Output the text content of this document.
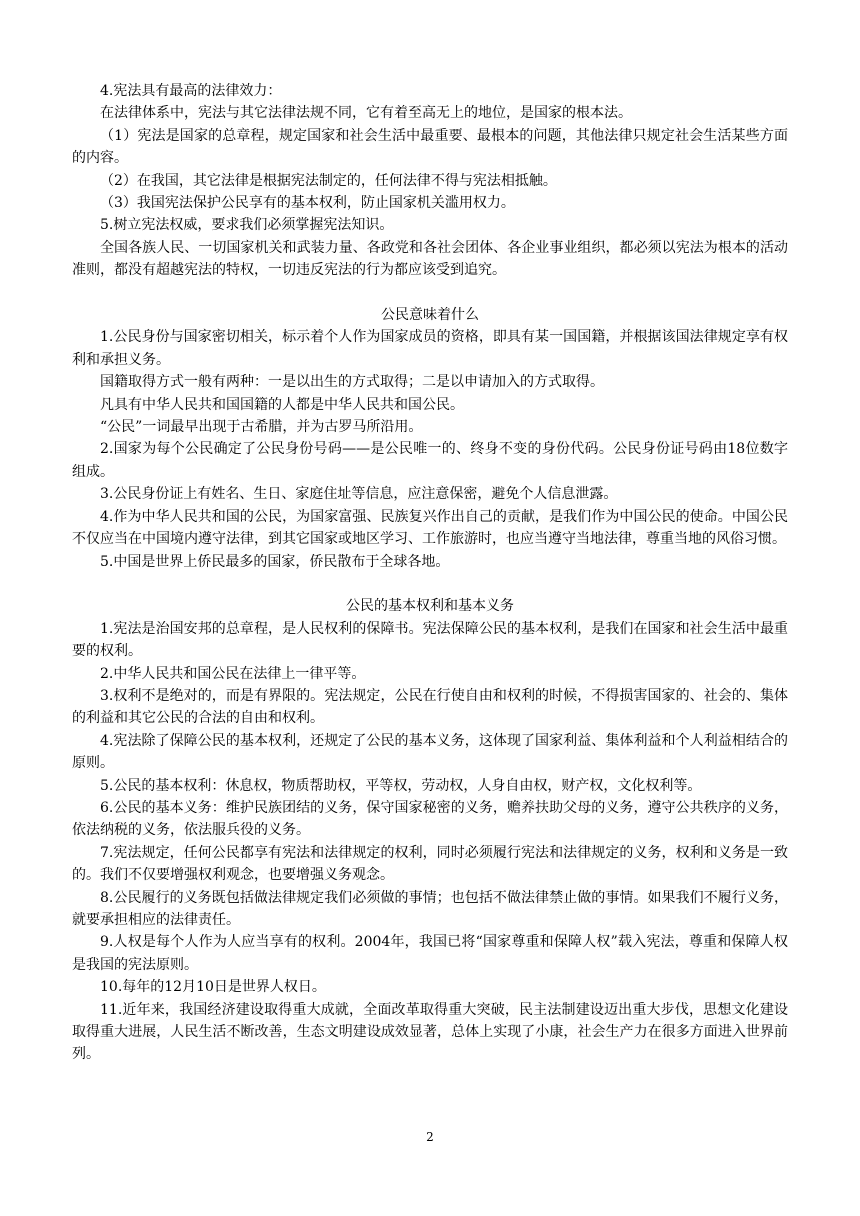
4.宪法具有最高的法律效力：

在法律体系中，宪法与其它法律法规不同，它有着至高无上的地位，是国家的根本法。

（1）宪法是国家的总章程，规定国家和社会生活中最重要、最根本的问题，其他法律只规定社会生活某些方面的内容。

（2）在我国，其它法律是根据宪法制定的，任何法律不得与宪法相抵触。

（3）我国宪法保护公民享有的基本权利，防止国家机关滥用权力。

5.树立宪法权威，要求我们必须掌握宪法知识。

全国各族人民、一切国家机关和武装力量、各政党和各社会团体、各企业事业组织，都必须以宪法为根本的活动准则，都没有超越宪法的特权，一切违反宪法的行为都应该受到追究。

公民意味着什么

1.公民身份与国家密切相关，标示着个人作为国家成员的资格，即具有某一国国籍，并根据该国法律规定享有权利和承担义务。

国籍取得方式一般有两种：一是以出生的方式取得；二是以申请加入的方式取得。

凡具有中华人民共和国国籍的人都是中华人民共和国公民。

“公民”一词最早出现于古希腊，并为古罗马所沿用。

2.国家为每个公民确定了公民身份号码——是公民唯一的、终身不变的身份代码。公民身份证号码由18位数字组成。

3.公民身份证上有姓名、生日、家庭住址等信息，应注意保密，避免个人信息泄露。

4.作为中华人民共和国的公民，为国家富强、民族复兴作出自己的贡献，是我们作为中国公民的使命。中国公民不仅应当在中国境内遵守法律，到其它国家或地区学习、工作旅游时，也应当遵守当地法律，尊重当地的风俗习惯。

5.中国是世界上侨民最多的国家，侨民散布于全球各地。

公民的基本权利和基本义务

1.宪法是治国安邦的总章程，是人民权利的保障书。宪法保障公民的基本权利，是我们在国家和社会生活中最重要的权利。

2.中华人民共和国公民在法律上一律平等。

3.权利不是绝对的，而是有界限的。宪法规定，公民在行使自由和权利的时候，不得损害国家的、社会的、集体的利益和其它公民的合法的自由和权利。

4.宪法除了保障公民的基本权利，还规定了公民的基本义务，这体现了国家利益、集体利益和个人利益相结合的原则。

5.公民的基本权利：休息权，物质帮助权，平等权，劳动权，人身自由权，财产权，文化权利等。

6.公民的基本义务：维护民族团结的义务，保守国家秘密的义务，赡养扶助父母的义务，遵守公共秩序的义务，依法纳税的义务，依法服兵役的义务。

7.宪法规定，任何公民都享有宪法和法律规定的权利，同时必须履行宪法和法律规定的义务，权利和义务是一致的。我们不仅要增强权利观念，也要增强义务观念。

8.公民履行的义务既包括做法律规定我们必须做的事情；也包括不做法律禁止做的事情。如果我们不履行义务，就要承担相应的法律责任。

9.人权是每个人作为人应当享有的权利。2004年，我国已将“国家尊重和保障人权”载入宪法，尊重和保障人权是我国的宪法原则。

10.每年的12月10日是世界人权日。

11.近年来，我国经济建设取得重大成就，全面改革取得重大突破，民主法制建设迈出重大步伐，思想文化建设取得重大进展，人民生活不断改善，生态文明建设成效显著，总体上实现了小康，社会生产力在很多方面进入世界前列。

2
